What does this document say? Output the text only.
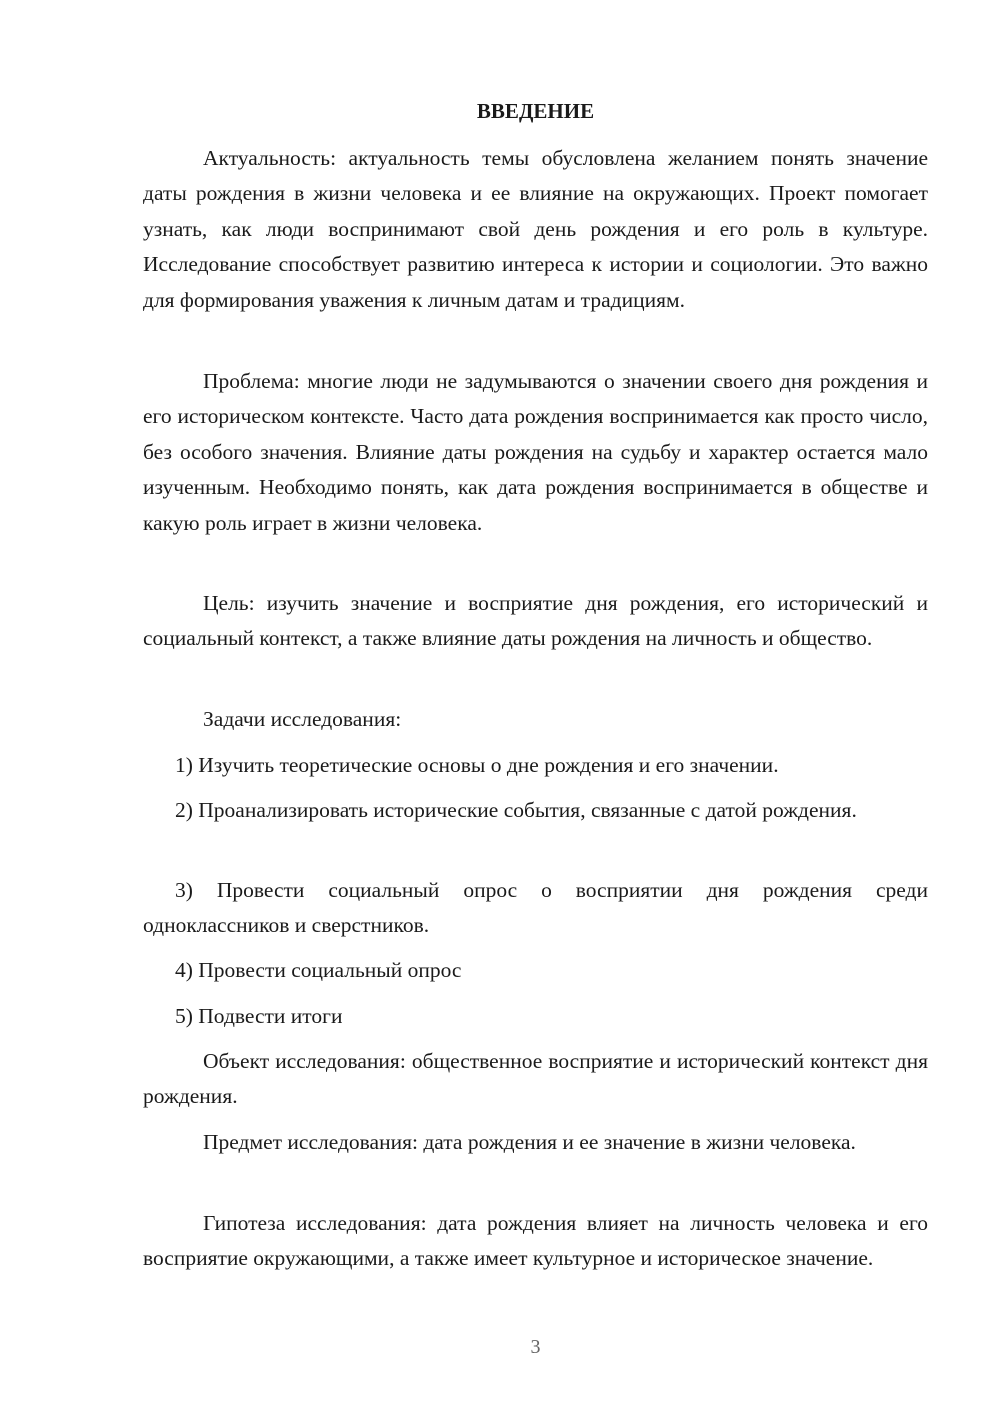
ВВЕДЕНИЕ

Актуальность: актуальность темы обусловлена желанием понять значение даты рождения в жизни человека и ее влияние на окружающих. Проект помогает узнать, как люди воспринимают свой день рождения и его роль в культуре. Исследование способствует развитию интереса к истории и социологии. Это важно для формирования уважения к личным датам и традициям.

Проблема: многие люди не задумываются о значении своего дня рождения и его историческом контексте. Часто дата рождения воспринимается как просто число, без особого значения. Влияние даты рождения на судьбу и характер остается мало изученным. Необходимо понять, как дата рождения воспринимается в обществе и какую роль играет в жизни человека.

Цель: изучить значение и восприятие дня рождения, его исторический и социальный контекст, а также влияние даты рождения на личность и общество.

Задачи исследования:

1) Изучить теоретические основы о дне рождения и его значении.

2) Проанализировать исторические события, связанные с датой рождения.

3) Провести социальный опрос о восприятии дня рождения среди одноклассников и сверстников.

4) Провести социальный опрос

5) Подвести итоги

Объект исследования: общественное восприятие и исторический контекст дня рождения.

Предмет исследования: дата рождения и ее значение в жизни человека.

Гипотеза исследования: дата рождения влияет на личность человека и его восприятие окружающими, а также имеет культурное и историческое значение.

3
